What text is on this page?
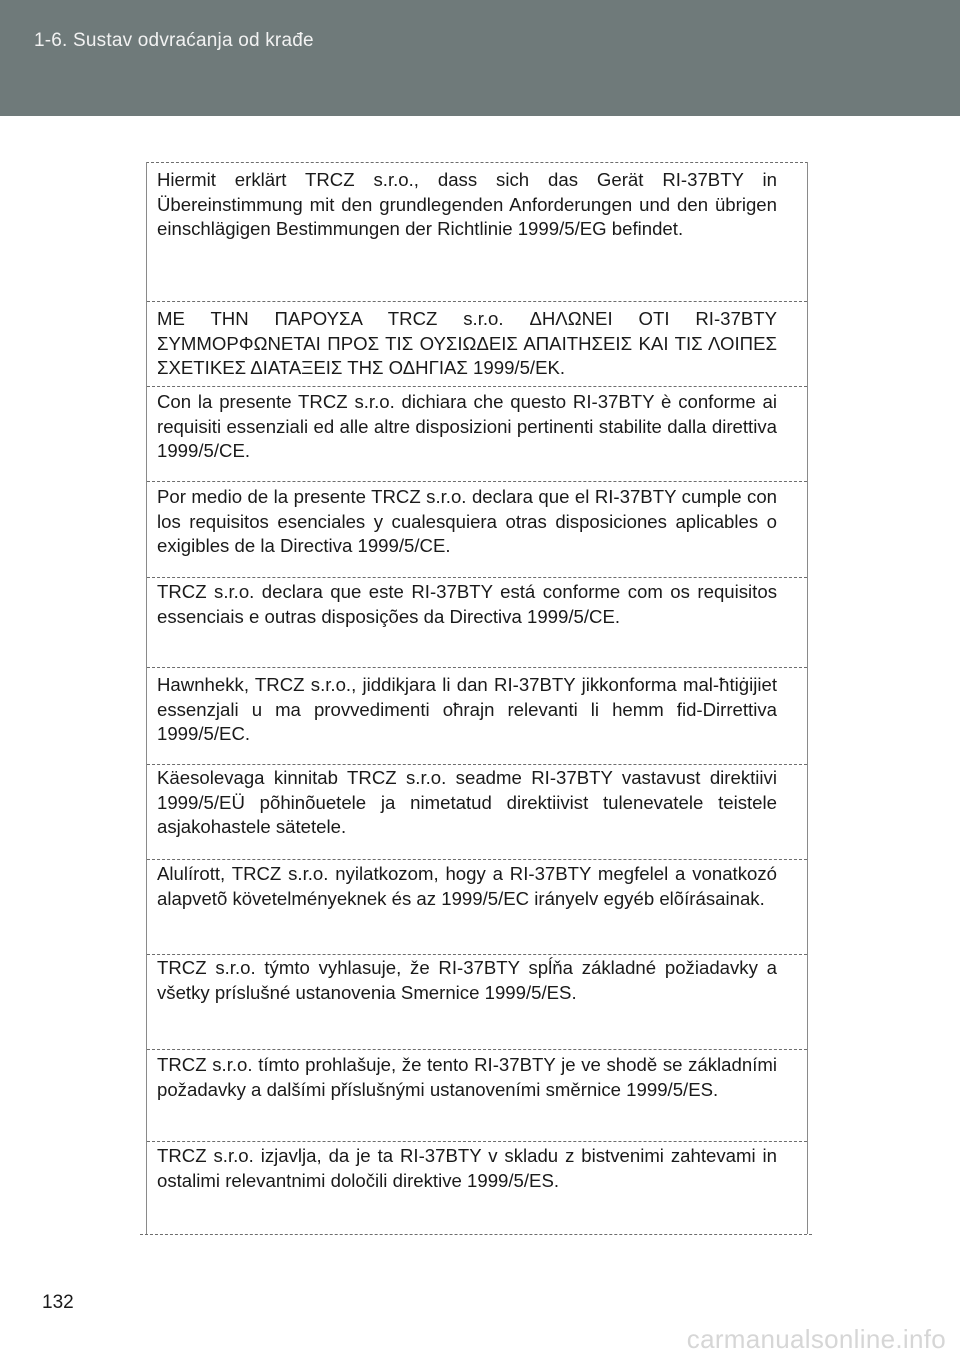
1-6. Sustav odvraćanja od krađe

Hiermit erklärt TRCZ s.r.o., dass sich das Gerät RI-37BTY in Übereinstimmung mit den grundlegenden Anforderungen und den übrigen einschlägigen Bestimmungen der Richtlinie 1999/5/EG befindet.

ΜΕ ΤΗΝ ΠΑΡΟΥΣΑ TRCZ s.r.o. ΔΗΛΩΝΕΙ ΟΤΙ RI-37BTY ΣΥΜΜΟΡΦΩΝΕΤΑΙ ΠΡΟΣ ΤΙΣ ΟΥΣΙΩΔΕΙΣ ΑΠΑΙΤΗΣΕΙΣ ΚΑΙ ΤΙΣ ΛΟΙΠΕΣ ΣΧΕΤΙΚΕΣ ΔΙΑΤΑΞΕΙΣ ΤΗΣ ΟΔΗΓΙΑΣ 1999/5/ΕΚ.

Con la presente TRCZ s.r.o. dichiara che questo RI-37BTY è conforme ai requisiti essenziali ed alle altre disposizioni pertinenti stabilite dalla direttiva 1999/5/CE.

Por medio de la presente TRCZ s.r.o. declara que el RI-37BTY cumple con los requisitos esenciales y cualesquiera otras disposiciones aplicables o exigibles de la Directiva 1999/5/CE.

TRCZ s.r.o. declara que este RI-37BTY está conforme com os requisitos essenciais e outras disposições da Directiva 1999/5/CE.

Hawnhekk, TRCZ s.r.o., jiddikjara li dan RI-37BTY jikkonforma mal-ħtiġijiet essenzjali u ma provvedimenti oħrajn relevanti li hemm fid-Dirrettiva 1999/5/EC.

Käesolevaga kinnitab TRCZ s.r.o. seadme RI-37BTY vastavust direktiivi 1999/5/EÜ põhinõuetele ja nimetatud direktiivist tulenevatele teistele asjakohastele sätetele.

Alulírott, TRCZ s.r.o. nyilatkozom, hogy a RI-37BTY megfelel a vonatkozó alapvetõ követelményeknek és az 1999/5/EC irányelv egyéb elõírásainak.

TRCZ s.r.o. týmto vyhlasuje, že RI-37BTY spĺňa základné požiadavky a všetky príslušné ustanovenia Smernice 1999/5/ES.

TRCZ s.r.o. tímto prohlašuje, že tento RI-37BTY je ve shodě se základními požadavky a dalšími příslušnými ustanoveními směrnice 1999/5/ES.

TRCZ s.r.o. izjavlja, da je ta RI-37BTY v skladu z bistvenimi zahtevami in ostalimi relevantnimi določili direktive 1999/5/ES.

132
carmanualsonline.info
